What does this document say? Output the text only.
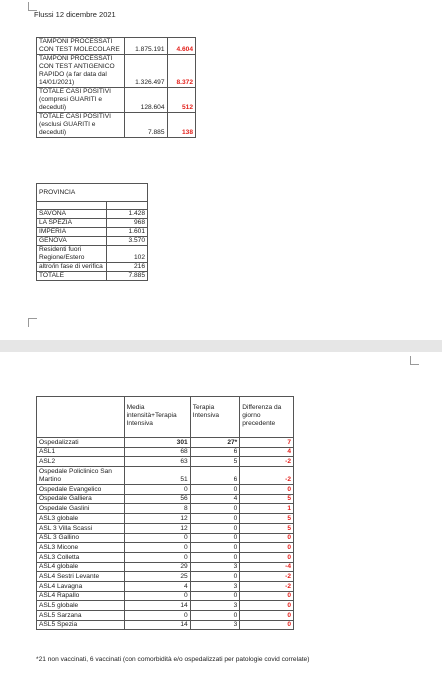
Flussi 12 dicembre 2021
TAMPONI PROCESSATI CON TEST MOLECOLARE	1.875.191	4.604
TAMPONI PROCESSATI CON TEST ANTIGENICO RAPIDO (a far data dal 14/01/2021)	1.326.497	8.372
TOTALE CASI POSITIVI (compresi GUARITI e deceduti)	128.604	512
TOTALE CASI POSITIVI (esclusi GUARITI e deceduti)	7.885	138
PROVINCIA	

SAVONA	1.428
LA SPEZIA	968
IMPERIA	1.601
GENOVA	3.570
Residenti fuori Regione/Estero	102
altro/in fase di verifica	216
TOTALE	7.885
	Media intensità+Terapia Intensiva	Terapia Intensiva	Differenza da giorno precedente
Ospedalizzati	301	27*	7
ASL1	68	6	4
ASL2	63	5	-2
Ospedale Policlinico San Martino	51	6	-2
Ospedale Evangelico	0	0	0
Ospedale Galliera	56	4	5
Ospedale Gaslini	8	0	1
ASL3 globale	12	0	5
ASL 3 Villa Scassi	12	0	5
ASL 3 Gallino	0	0	0
ASL3 Micone	0	0	0
ASL3 Colletta	0	0	0
ASL4 globale	29	3	-4
ASL4 Sestri Levante	25	0	-2
ASL4 Lavagna	4	3	-2
ASL4 Rapallo	0	0	0
ASL5 globale	14	3	0
ASL5 Sarzana	0	0	0
ASL5 Spezia	14	3	0
*21 non vaccinati, 6 vaccinati (con comorbidità e/o ospedalizzati per patologie covid correlate)
